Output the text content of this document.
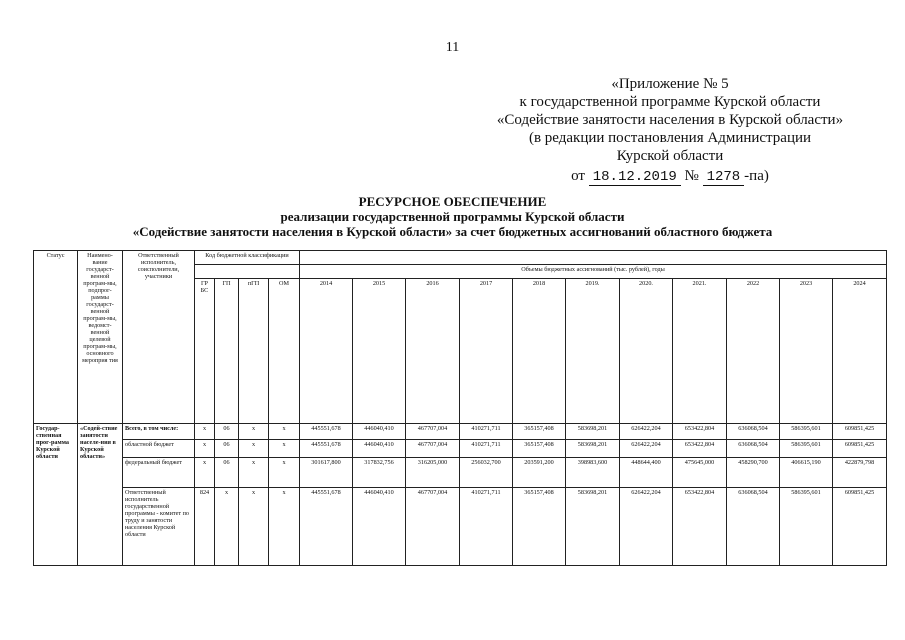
11
«Приложение № 5
к государственной программе Курской области
«Содействие занятости населения в Курской области»
(в редакции постановления Администрации
Курской области
от 18.12.2019 № 1278 -па)
РЕСУРСНОЕ ОБЕСПЕЧЕНИЕ
реализации государственной программы Курской области
«Содействие занятости населения в Курской области» за счет бюджетных ассигнований областного бюджета
Статус	Наимено-вание государст-венной програм-мы, подпрог-раммы государст-венной програм-мы, ведомст-венной целевой програм-мы, основного мероприя тия	Ответственный исполнитель, соисполнители, участники	Код бюджетной классификации														
							Объемы бюджетных ассигнований (тыс. рублей), годы										
			ГР БС	ГП	пГП	ОМ	2014	2015	2016	2017	2018	2019.	2020.	2021.	2022	2023	2024
Государ-ственная прог-рамма Курской области	«Содей-ствие занятости населе-ния в Курской области»	Всего, в том числе:	х	06	х	х	445551,678	446040,410	467707,004	410271,711	365157,408	583698,201	626422,204	653422,804	636068,504	586395,601	609851,425
		областной бюджет	х	06	х	х	445551,678	446040,410	467707,004	410271,711	365157,408	583698,201	626422,204	653422,804	636068,504	586395,601	609851,425
		федеральный бюджет	х	06	х	х	301617,800	317832,756	316205,000	256032,700	203591,200	398983,600	448644,400	475645,000	458290,700	406615,190	422879,798
		Ответственный исполнитель государственной программы - комитет по труду и занятости населения Курской области	824	х	х	х	445551,678	446040,410	467707,004	410271,711	365157,408	583698,201	626422,204	653422,804	636068,504	586395,601	609851,425
